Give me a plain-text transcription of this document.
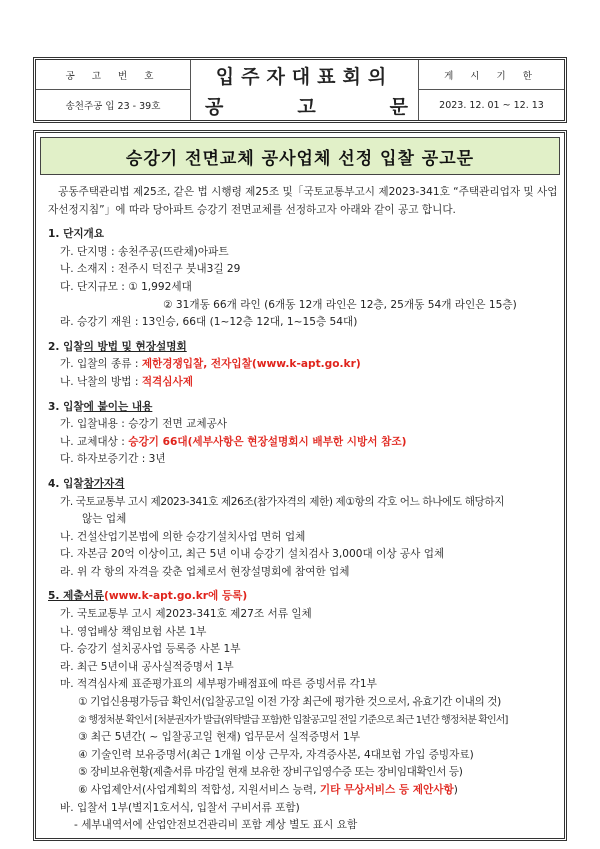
공 고 번 호
송천주공 입 23 - 39호
입주자대표회의
공	고	문
게 시 기 한
2023. 12. 01 ~ 12. 13
승강기 전면교체 공사업체 선정 입찰 공고문

공동주택관리법 제25조, 같은 법 시행령 제25조 및「국토교통부고시 제2023-341호 “주택관리업자 및 사업자선정지침”」에 따라 당아파트 승강기 전면교체를 선정하고자 아래와 같이 공고 합니다.

1. 단지개요
가. 단지명 : 송천주공(뜨란채)아파트
나. 소재지 : 전주시 덕진구 붓내3길 29
다. 단지규모 : ① 1,992세대
② 31개동 66개 라인 (6개동 12개 라인은 12층, 25개동 54개 라인은 15층)
라. 승강기 재원 : 13인승, 66대 (1~12층 12대, 1~15층 54대)
2. 입찰의 방법 및 현장설명회
가. 입찰의 종류 : 제한경쟁입찰, 전자입찰(www.k-apt.go.kr)
나. 낙찰의 방법 : 적격심사제
3. 입찰에 붙이는 내용
가. 입찰내용 : 승강기 전면 교체공사
나. 교체대상 : 승강기 66대(세부사항은 현장설명회시 배부한 시방서 참조)
다. 하자보증기간 : 3년
4. 입찰참가자격
가. 국토교통부 고시 제2023-341호 제26조(참가자격의 제한) 제①항의 각호 어느 하나에도 해당하지
않는 업체
나. 건설산업기본법에 의한 승강기설치사업 면허 업체
다. 자본금 20억 이상이고, 최근 5년 이내 승강기 설치검사 3,000대 이상 공사 업체
라. 위 각 항의 자격을 갖춘 업체로서 현장설명회에 참여한 업체
5. 제출서류(www.k-apt.go.kr에 등록)
가. 국토교통부 고시 제2023-341호 제27조 서류 일체
나. 영업배상 책임보험 사본 1부
다. 승강기 설치공사업 등록증 사본 1부
라. 최근 5년이내 공사실적증명서 1부
마. 적격심사제 표준평가표의 세부평가배점표에 따른 증빙서류 각1부
① 기업신용평가등급 확인서(입찰공고일 이전 가장 최근에 평가한 것으로서, 유효기간 이내의 것)
② 행정처분 확인서 [처분권자가 발급(위탁발급 포함)한 입찰공고일 전일 기준으로 최근 1년간 행정처분 확인서]
③ 최근 5년간( ~ 입찰공고일 현재) 업무문서 실적증명서 1부
④ 기술인력 보유증명서(최근 1개월 이상 근무자, 자격증사본, 4대보험 가입 증빙자료)
⑤ 장비보유현황(제출서류 마감일 현재 보유한 장비구입영수증 또는 장비임대확인서 등)
⑥ 사업제안서(사업계획의 적합성, 지원서비스 능력, 기타 무상서비스 등 제안사항)
바. 입찰서 1부(별지1호서식, 입찰서 구비서류 포함)
- 세부내역서에 산업안전보건관리비 포함 계상 별도 표시 요함
